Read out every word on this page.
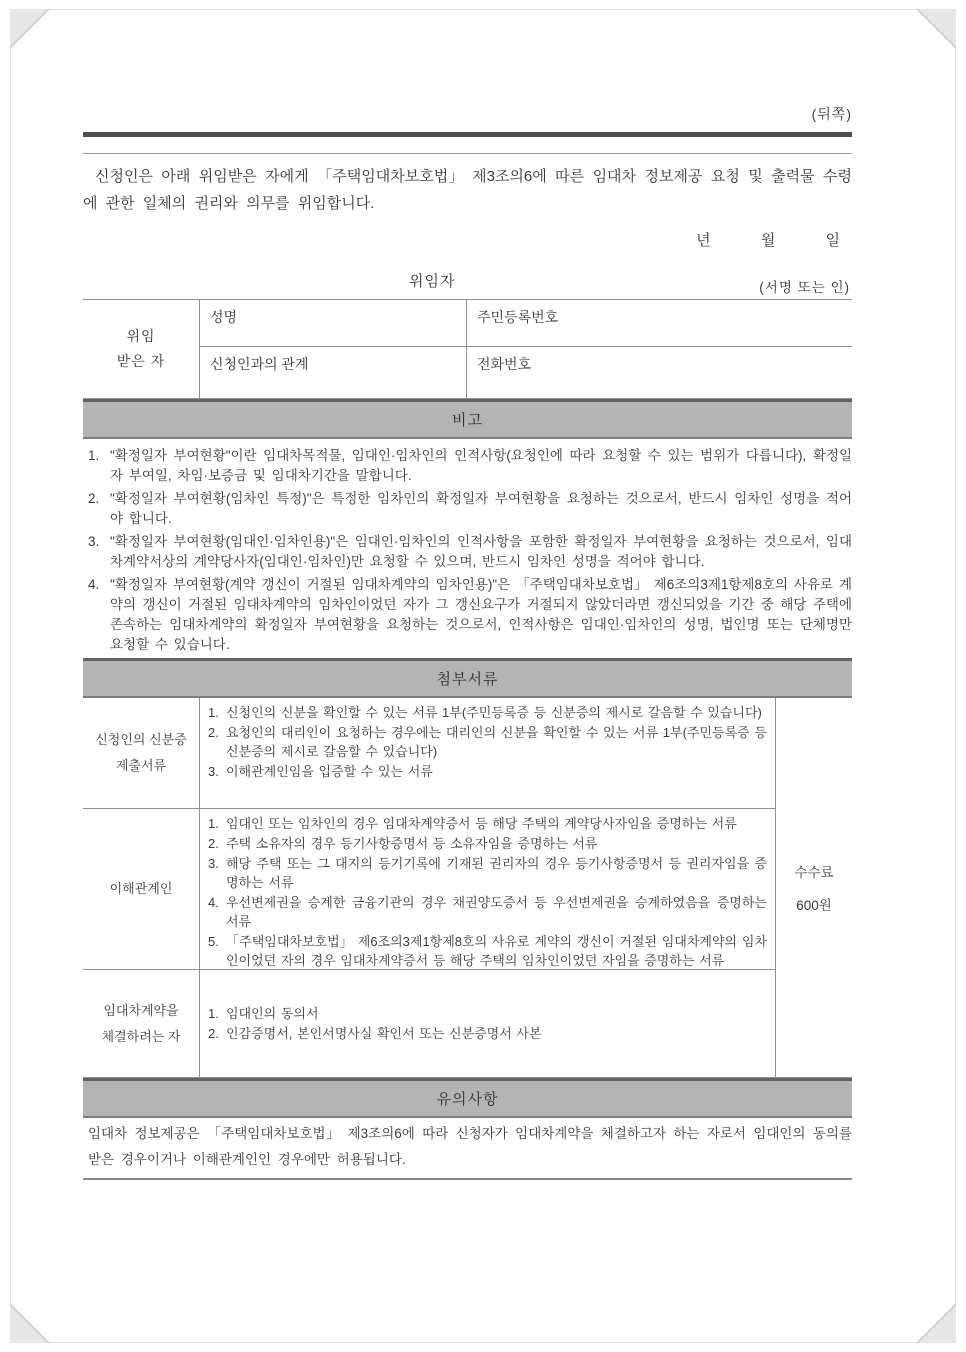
(뒤쪽)

신청인은 아래 위임받은 자에게 「주택임대차보호법」 제3조의6에 따른 임대차 정보제공 요청 및 출력물 수령에 관한 일체의 권리와 의무를 위임합니다.

년	월	일
위임자	(서명 또는 인)
위임
받은 자
성명	주민등록번호
신청인과의 관계	전화번호
비고
1. "확정일자 부여현황"이란 임대차목적물, 임대인·임차인의 인적사항(요청인에 따라 요청할 수 있는 범위가 다릅니다), 확정일자 부여일, 차임·보증금 및 임대차기간을 말합니다.
2. "확정일자 부여현황(임차인 특정)"은 특정한 임차인의 확정일자 부여현황을 요청하는 것으로서, 반드시 임차인 성명을 적어야 합니다.
3. "확정일자 부여현황(임대인·임차인용)"은 임대인·임차인의 인적사항을 포함한 확정일자 부여현황을 요청하는 것으로서, 임대차계약서상의 계약당사자(임대인·임차인)만 요청할 수 있으며, 반드시 임차인 성명을 적어야 합니다.
4. "확정일자 부여현황(계약 갱신이 거절된 임대차계약의 임차인용)"은 「주택임대차보호법」 제6조의3제1항제8호의 사유로 계약의 갱신이 거절된 임대차계약의 임차인이었던 자가 그 갱신요구가 거절되지 않았더라면 갱신되었을 기간 중 해당 주택에 존속하는 임대차계약의 확정일자 부여현황을 요청하는 것으로서, 인적사항은 임대인·임차인의 성명, 법인명 또는 단체명만 요청할 수 있습니다.
첨부서류
신청인의 신분증
제출서류
1. 신청인의 신분을 확인할 수 있는 서류 1부(주민등록증 등 신분증의 제시로 갈음할 수 있습니다)
2. 요청인의 대리인이 요청하는 경우에는 대리인의 신분을 확인할 수 있는 서류 1부(주민등록증 등 신분증의 제시로 갈음할 수 있습니다)
3. 이해관계인임을 입증할 수 있는 서류
이해관계인
1. 임대인 또는 임차인의 경우 임대차계약증서 등 해당 주택의 계약당사자임을 증명하는 서류
2. 주택 소유자의 경우 등기사항증명서 등 소유자임을 증명하는 서류
3. 해당 주택 또는 그 대지의 등기기록에 기재된 권리자의 경우 등기사항증명서 등 권리자임을 증명하는 서류
4. 우선변제권을 승계한 금융기관의 경우 채권양도증서 등 우선변제권을 승계하였음을 증명하는 서류
5. 「주택임대차보호법」 제6조의3제1항제8호의 사유로 계약의 갱신이 거절된 임대차계약의 임차인이었던 자의 경우 임대차계약증서 등 해당 주택의 임차인이었던 자임을 증명하는 서류
임대차계약을
체결하려는 자
1. 임대인의 동의서
2. 인감증명서, 본인서명사실 확인서 또는 신분증명서 사본
수수료
600원
유의사항

임대차 정보제공은 「주택임대차보호법」 제3조의6에 따라 신청자가 임대차계약을 체결하고자 하는 자로서 임대인의 동의를 받은 경우이거나 이해관계인인 경우에만 허용됩니다.
